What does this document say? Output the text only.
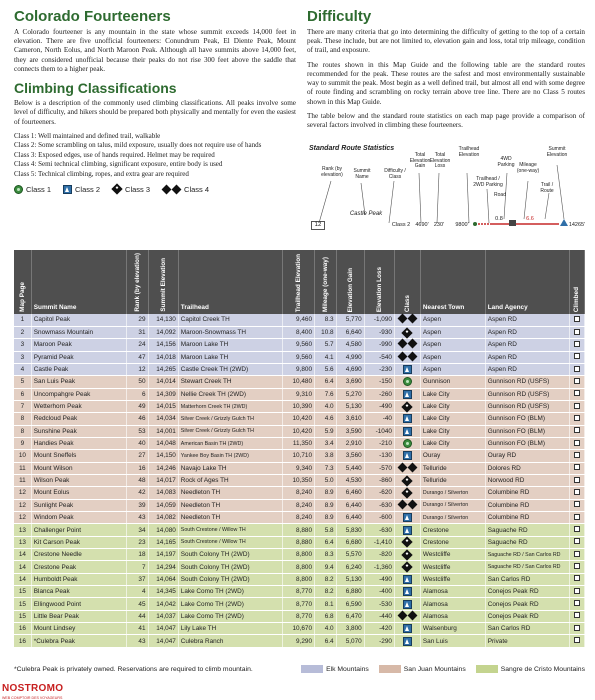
Colorado Fourteeners

A Colorado fourteener is any mountain in the state whose summit exceeds 14,000 feet in elevation. There are five unofficial fourteeners: Conundrum Peak, El Diente Peak, Mount Cameron, North Eolus, and North Maroon Peak. Although all have summits above 14,000 feet, they are considered unofficial because their peaks do not rise 300 feet above the saddle that connects them to a higher peak.

Climbing Classifications

Below is a description of the commonly used climbing classifications. All peaks involve some level of difficulty, and hikers should be prepared both physically and mentally for even the easiest of fourteeners.

Class 1: Well maintained and defined trail, walkable
Class 2: Some scrambling on talus, mild exposure, usually does not require use of hands
Class 3: Exposed edges, use of hands required. Helmet may be required
Class 4: Semi technical climbing, significant exposure, entire body is used
Class 5: Technical climbing, ropes, and extra gear are required
Class 1	Class 2	Class 3	Class 4
Difficulty

There are many criteria that go into determining the difficulty of getting to the top of a certain peak. These include, but are not limited to, elevation gain and loss, total trip mileage, condition of trail, and exposure.

The routes shown in this Map Guide and the following table are the standard routes recommended for the peak. These routes are the safest and most environmentally sustainable way to summit the peak. Most begin as a well defined trail, but almost all end with some degree of route finding and scrambling on rocky terrain above tree line. There are no Class 5 routes shown in this Map Guide.

The table below and the standard route statistics on each map page provide a comparison of several factors involved in climbing these fourteeners.

Standard Route Statistics
Rank (by elevation)
Summit Name
Difficulty / Class
Total Elevation Gain
Total Elevation Loss
Trailhead Elevation
Trailhead / 2WD Parking
4WD Parking
Road
Mileage (one-way)
Summit Elevation
Trail / Route
Castle Peak
12	Class 2 4690' 230'	9800'
0.8	6.6
14265'
Map Page	Summit Name	Rank (by elevation)	Summit Elevation	Trailhead	Trailhead Elevation	Mileage (one-way)	Elevation Gain	Elevation Loss	Class	Nearest Town	Land Agency	Climbed
1	Capitol Peak	29	14,130	Capitol Creek TH	9,460	8.3	5,770	-1,090		Aspen	Aspen RD	
2	Snowmass Mountain	31	14,092	Maroon-Snowmass TH	8,400	10.8	6,640	-930		Aspen	Aspen RD	
3	Maroon Peak	24	14,156	Maroon Lake TH	9,560	5.7	4,580	-990		Aspen	Aspen RD	
3	Pyramid Peak	47	14,018	Maroon Lake TH	9,560	4.1	4,990	-540		Aspen	Aspen RD	
4	Castle Peak	12	14,265	Castle Creek TH (2WD)	9,800	5.6	4,690	-230		Aspen	Aspen RD	
5	San Luis Peak	50	14,014	Stewart Creek TH	10,480	6.4	3,690	-150		Gunnison	Gunnison RD (USFS)	
6	Uncompahgre Peak	6	14,309	Nellie Creek TH (2WD)	9,310	7.6	5,270	-260		Lake City	Gunnison RD (USFS)	
7	Wetterhorn Peak	49	14,015	Matterhorn Creek TH (2WD)	10,390	4.0	5,130	-490		Lake City	Gunnison RD (USFS)	
8	Redcloud Peak	46	14,034	Silver Creek / Grizzly Gulch TH	10,420	4.6	3,610	-40		Lake City	Gunnison FO (BLM)	
8	Sunshine Peak	53	14,001	Silver Creek / Grizzly Gulch TH	10,420	5.9	3,590	-1040		Lake City	Gunnison FO (BLM)	
9	Handies Peak	40	14,048	American Basin TH (2WD)	11,350	3.4	2,910	-210		Lake City	Gunnison FO (BLM)	
10	Mount Sneffels	27	14,150	Yankee Boy Basin TH (2WD)	10,710	3.8	3,560	-130		Ouray	Ouray RD	
11	Mount Wilson	16	14,246	Navajo Lake TH	9,340	7.3	5,440	-570		Telluride	Dolores RD	
11	Wilson Peak	48	14,017	Rock of Ages TH	10,350	5.0	4,530	-860		Telluride	Norwood RD	
12	Mount Eolus	42	14,083	Needleton TH	8,240	8.9	6,460	-620		Durango / Silverton	Columbine RD	
12	Sunlight Peak	39	14,059	Needleton TH	8,240	8.9	6,440	-630		Durango / Silverton	Columbine RD	
12	Windom Peak	43	14,082	Needleton TH	8,240	8.9	6,440	-600		Durango / Silverton	Columbine RD	
13	Challenger Point	34	14,080	South Crestone / Willow TH	8,880	5.8	5,830	-630		Crestone	Saguache RD	
13	Kit Carson Peak	23	14,165	South Crestone / Willow TH	8,880	6.4	6,680	-1,410		Crestone	Saguache RD	
14	Crestone Needle	18	14,197	South Colony TH (2WD)	8,800	8.3	5,570	-820		Westcliffe	Saguache RD / San Carlos RD	
14	Crestone Peak	7	14,294	South Colony TH (2WD)	8,800	9.4	6,240	-1,360		Westcliffe	Saguache RD / San Carlos RD	
14	Humboldt Peak	37	14,064	South Colony TH (2WD)	8,800	8.2	5,130	-490		Westcliffe	San Carlos RD	
15	Blanca Peak	4	14,345	Lake Como TH (2WD)	8,770	8.2	6,880	-400		Alamosa	Conejos Peak RD	
15	Ellingwood Point	45	14,042	Lake Como TH (2WD)	8,770	8.1	6,590	-530		Alamosa	Conejos Peak RD	
15	Little Bear Peak	44	14,037	Lake Como TH (2WD)	8,770	6.8	6,470	-440		Alamosa	Conejos Peak RD	
16	Mount Lindsey	41	14,047	Lily Lake TH	10,670	4.0	3,800	-420		Walsenburg	San Carlos RD	
16	*Culebra Peak	43	14,047	Culebra Ranch	9,290	6.4	5,070	-290		San Luis	Private	
*Culebra Peak is privately owned. Reservations are required to climb mountain.	Elk Mountains	San Juan Mountains	Sangre de Cristo Mountains
NOSTROMO
WEB COMPTOIR DES VOYAGEURS
